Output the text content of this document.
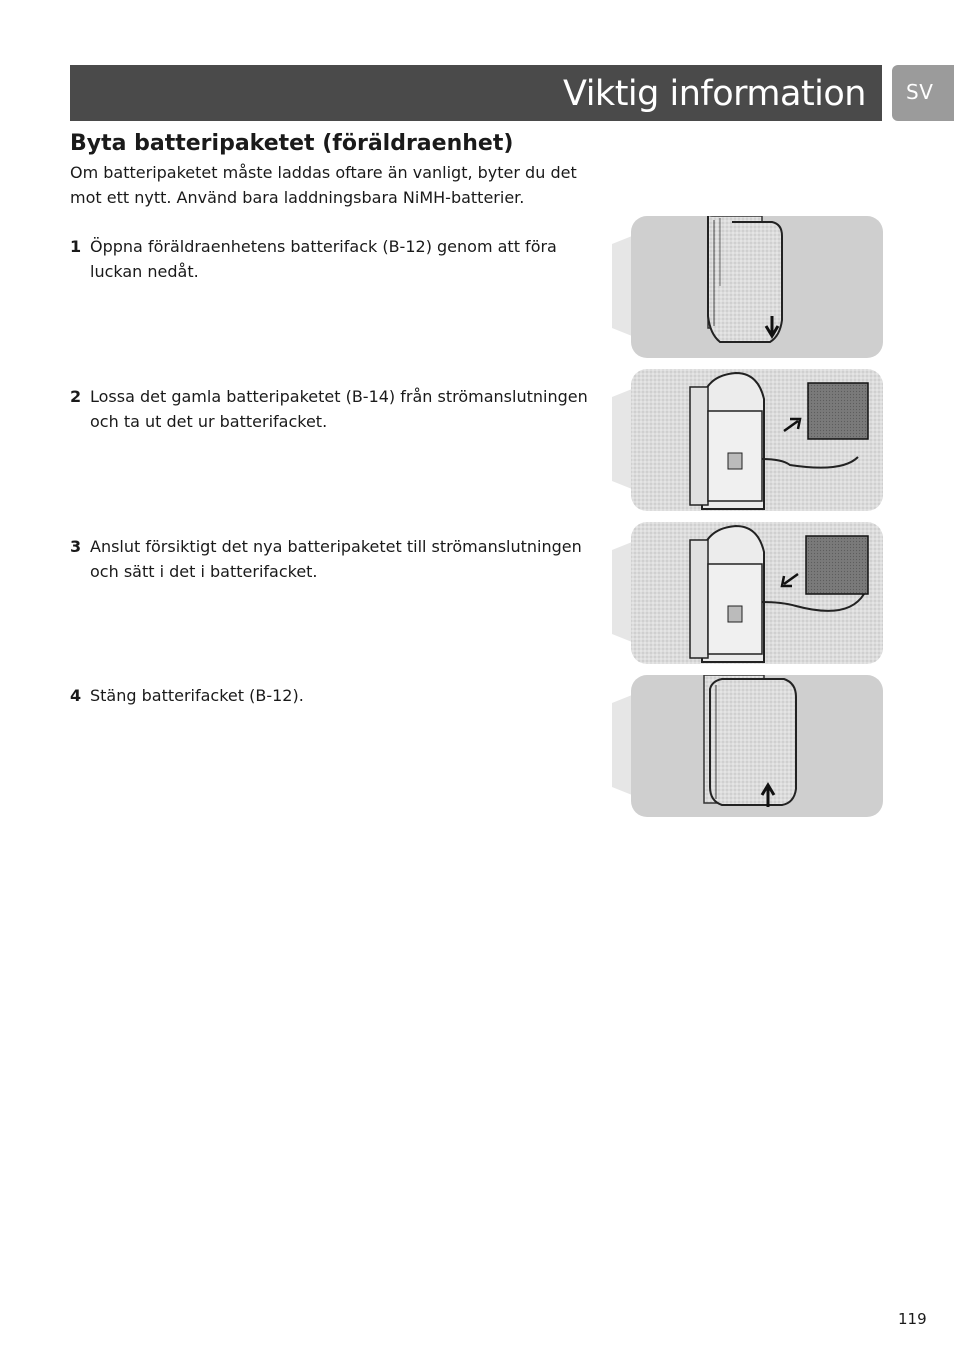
Viktig information SV
Byta batteripaketet (föräldraenhet)

Om batteripaketet måste laddas oftare än vanligt, byter du det mot ett nytt. Använd bara laddningsbara NiMH-batterier.

1 Öppna föräldraenhetens batterifack (B-12) genom att föra luckan nedåt.
2 Lossa det gamla batteripaketet (B-14) från strömanslutningen och ta ut det ur batterifacket.
3 Anslut försiktigt det nya batteripaketet till strömanslutningen och sätt i det i batterifacket.
4 Stäng batterifacket (B-12).
119
